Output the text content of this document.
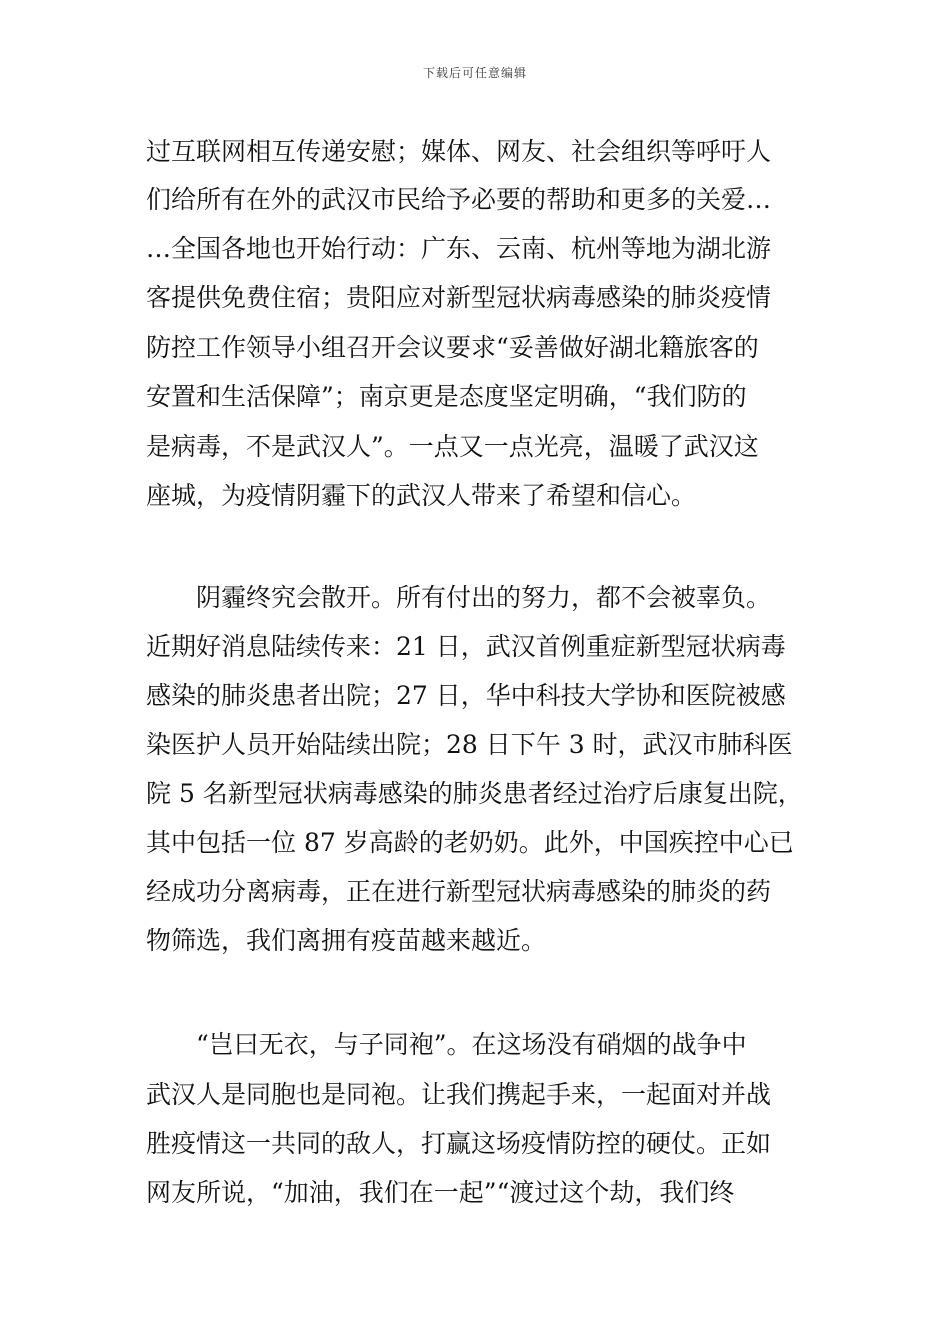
下载后可任意编辑
过互联网相互传递安慰；媒体、网友、社会组织等呼吁人
们给所有在外的武汉市民给予必要的帮助和更多的关爱…
…全国各地也开始行动：广东、云南、杭州等地为湖北游
客提供免费住宿；贵阳应对新型冠状病毒感染的肺炎疫情
防控工作领导小组召开会议要求“妥善做好湖北籍旅客的
安置和生活保障”；南京更是态度坚定明确，“我们防的
是病毒，不是武汉人”。一点又一点光亮，温暖了武汉这
座城，为疫情阴霾下的武汉人带来了希望和信心。
阴霾终究会散开。所有付出的努力，都不会被辜负。
近期好消息陆续传来：21 日，武汉首例重症新型冠状病毒
感染的肺炎患者出院；27 日，华中科技大学协和医院被感
染医护人员开始陆续出院；28 日下午 3 时，武汉市肺科医
院 5 名新型冠状病毒感染的肺炎患者经过治疗后康复出院，
其中包括一位 87 岁高龄的老奶奶。此外，中国疾控中心已
经成功分离病毒，正在进行新型冠状病毒感染的肺炎的药
物筛选，我们离拥有疫苗越来越近。
“岂曰无衣，与子同袍”。在这场没有硝烟的战争中
武汉人是同胞也是同袍。让我们携起手来，一起面对并战
胜疫情这一共同的敌人，打赢这场疫情防控的硬仗。正如
网友所说，“加油，我们在一起”“渡过这个劫，我们终
